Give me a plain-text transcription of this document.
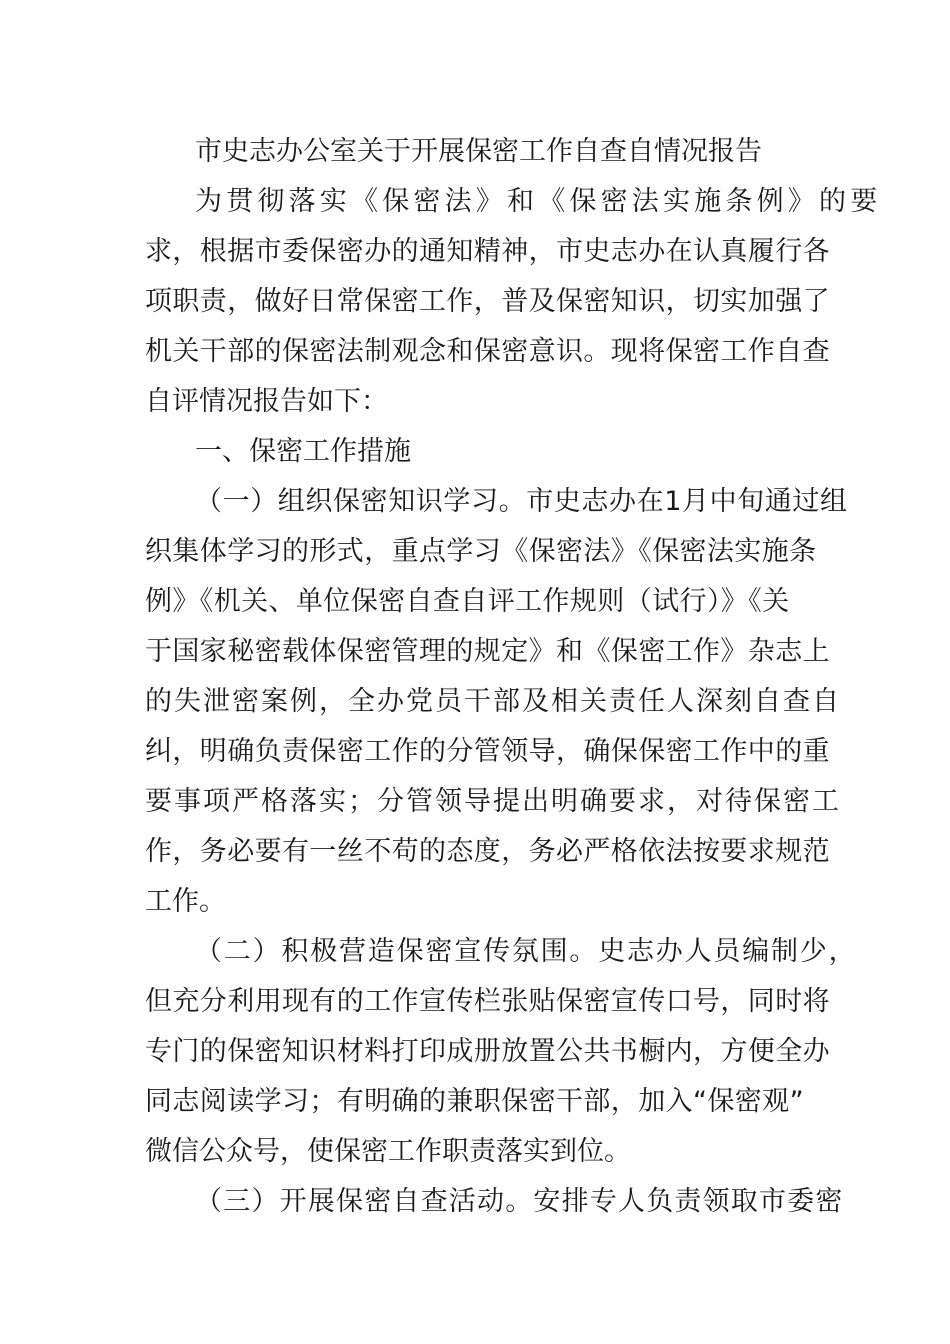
市史志办公室关于开展保密工作自查自情况报告
为贯彻落实《保密法》和《保密法实施条例》的要
求，根据市委保密办的通知精神，市史志办在认真履行各
项职责，做好日常保密工作，普及保密知识，切实加强了
机关干部的保密法制观念和保密意识。现将保密工作自查
自评情况报告如下：
一、保密工作措施
（一）组织保密知识学习。市史志办在1月中旬通过组
织集体学习的形式，重点学习《保密法》《保密法实施条
例》《机关、单位保密自查自评工作规则（试行）》《关
于国家秘密载体保密管理的规定》和《保密工作》杂志上
的失泄密案例，全办党员干部及相关责任人深刻自查自
纠，明确负责保密工作的分管领导，确保保密工作中的重
要事项严格落实；分管领导提出明确要求，对待保密工
作，务必要有一丝不苟的态度，务必严格依法按要求规范
工作。
（二）积极营造保密宣传氛围。史志办人员编制少，
但充分利用现有的工作宣传栏张贴保密宣传口号，同时将
专门的保密知识材料打印成册放置公共书橱内，方便全办
同志阅读学习；有明确的兼职保密干部，加入“保密观”
微信公众号，使保密工作职责落实到位。
（三）开展保密自查活动。安排专人负责领取市委密
